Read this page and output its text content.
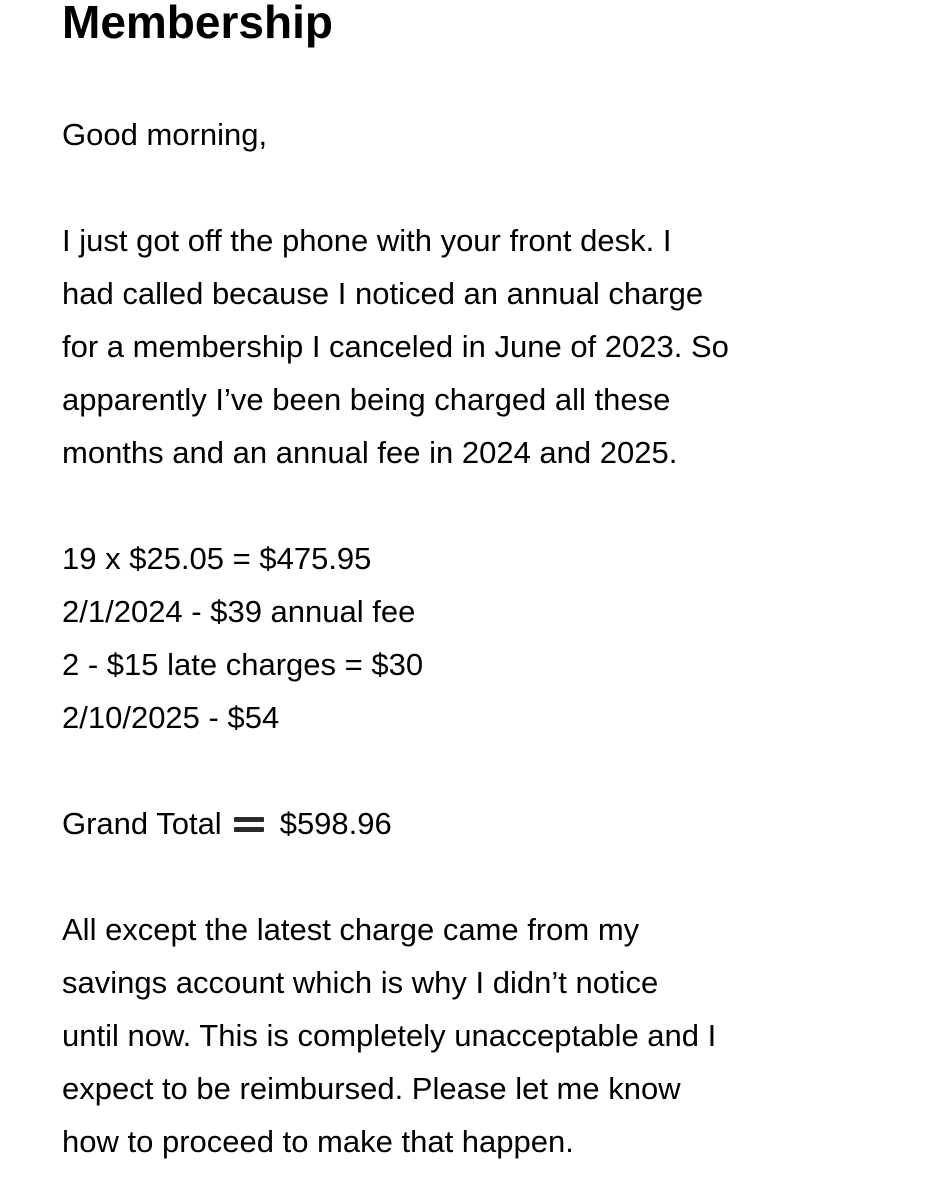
Membership
Good morning,
I just got off the phone with your front desk. I
had called because I noticed an annual charge
for a membership I canceled in June of 2023. So
apparently I’ve been being charged all these
months and an annual fee in 2024 and 2025.
19 x $25.05 = $475.95
2/1/2024 - $39 annual fee
2 - $15 late charges = $30
2/10/2025 - $54
Grand Total $598.96
All except the latest charge came from my
savings account which is why I didn’t notice
until now. This is completely unacceptable and I
expect to be reimbursed. Please let me know
how to proceed to make that happen.
